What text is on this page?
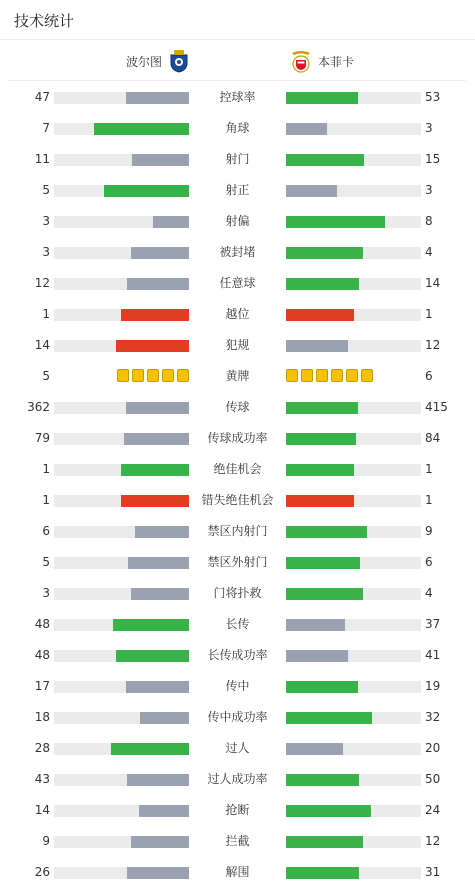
技术统计
波尔图	本菲卡
47	控球率	53
7	角球	3
11	射门	15
5	射正	3
3	射偏	8
3	被封堵	4
12	任意球	14
1	越位	1
14	犯规	12
5	黄牌	6
362	传球	415
79	传球成功率	84
1	绝佳机会	1
1	错失绝佳机会	1
6	禁区内射门	9
5	禁区外射门	6
3	门将扑救	4
48	长传	37
48	长传成功率	41
17	传中	19
18	传中成功率	32
28	过人	20
43	过人成功率	50
14	抢断	24
9	拦截	12
26	解围	31
